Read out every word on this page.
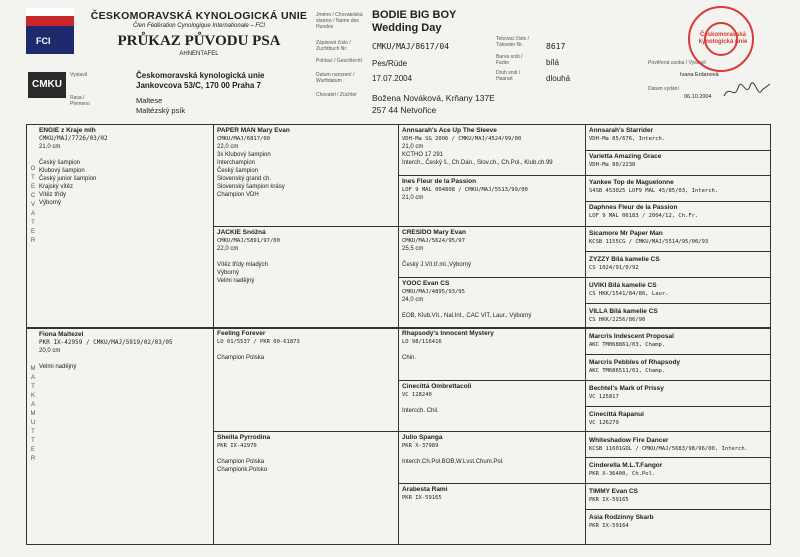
FCI
CMKU
ČESKOMORAVSKÁ KYNOLOGICKÁ UNIE
Člen Fédération Cynologique Internationale – FCI
PRŮKAZ PŮVODU PSA
AHNENTAFEL
Vystavil	Českomoravská kynologická unie
Jankovcova 53/C, 170 00 Praha 7
Rasa / Plemeno	Maltese
Maltézský psík
Jméno / Chovatelská stanice / Name des Hundes
Zápisové číslo / Zuchtbuch Nr.
Pohlaví / Geschlecht
Datum narození / Wurftdatum
Chovatel / Züchter
BODIE BIG BOY
Wedding Day
CMKU/MAJ/8617/04
Pes/Rüde
17.07.2004
Božena Nováková, Krňany 137E
257 44 Netvořice
Tetovací číslo / Tätowier Nr.
Barva srsti / Farbe
Druh srsti / Haarart
8617
bílá
dlouhá
Pověřená osoba / Vystavil
Ivana Erdanová
Datum vydání
06.10.2004
Českomoravská kynologická unie
O T E C V A T E R
M A T K A M U T T E R
ENGIE z Kraje mlh
CMKU/MAJ/7726/03/02
21,0 cm

Český šampion
Klubový šampion
Český junior šampion
Krajský vítěz
Vítěz třídy
Výborný
Fiona Maltezel
PKR IX-42959 / CMKU/MAJ/5919/02/03/05
20,0 cm

Velmi nadějný
PAPER MAN Mary Evan
CMKU/MAJ/6817/00
22,0 cm
3x Klubový šampion
Interchampion
Český šampion
Slovenský grand ch.
Slovenský šampion krásy
Champion VDH
JACKIE Snóžná
CMKU/MAJ/5891/97/00
22,0 cm

Vítěz třídy mladých
Výborný
Velmi nadějný
Feeling Forever
LO 01/5537 / PKR 00-61873

Champion Polska
Sheilla Pyrrodina
PKR IX-42970

Champion Polska
Championk.Polsko
Annsarah's Ace Up The Sleeve
VDH-Ma SG 2006 / CMKU/MAJ/4524/99/00
21,0 cm
KCTHO 17 291
Interch., Český š., Ch.Dán., Slov.ch., Ch.Pol., Klub.ch.99
Ines Fleur de la Passion
LOF 9 MAL 004808 / CMKU/MAJ/5513/99/00
21,0 cm
CRESIDO Mary Evan
CMKU/MAJ/5624/95/97
25,5 cm

Český J.Vít.tř.ml.,Výborný
YOOC Evan CS
CMKU/MAJ/4895/93/95
24,0 cm

EOB, Klub.Vít., Nal.Int., CAC VIT, Laur., Výborný
Rhapsody's Innocent Mystery
LO 98/116416

Chin.
Cinecittá Ombrettacoli
VC 128240

Intercch. Chil.
Julio Spanga
PKR X-37989

Interch.Ch.Pol.BOB,W.Lvst.Chum.Pol.
Arabesta Rami
PKR IX-59165
Annsarah's Starrider
VDH-Ma 85/676, Interch.
Varietta Amazing Grace
VDH-Ma 80/2238
Yankee Top de Maguelonne
S4SB 453025 LOF9 MAL 45/85/03, Interch.
Daphnes Fleur de la Passion
LOF 9 MAL 06183 / 2004/12, Ch.Fr.
Sicamore Mr Paper Man
KCSB 1155CG / CMKU/MAJ/5514/95/00/93
ZYZZY Bílá kamelie CS
CS 1024/91/0/92
UVIKI Bílá kamelie CS
CS HKK/1541/84/86, Laur.
VILLA Bílá kamelie CS
CS HKK/2256/86/90
Marcris Indescent Proposal
AKC TM068861/03, Champ.
Marcris Pebbles of Rhapsody
AKC TM686511/01, Champ.
Bechtel's Mark of Prissy
VC 125817
Cinecittá Rapanui
VC 126279
Whiteshadow Fire Dancer
KCSB 11601GOL / CMKU/MAJ/5683/98/96/00, Interch.
Cinderella M.L.T.Fangor
PKR X-36400, Ch.Pol.
TIMMY Evan CS
PKR IX-59165
Asia Rodzinny Skarb
PKR IX-59164
